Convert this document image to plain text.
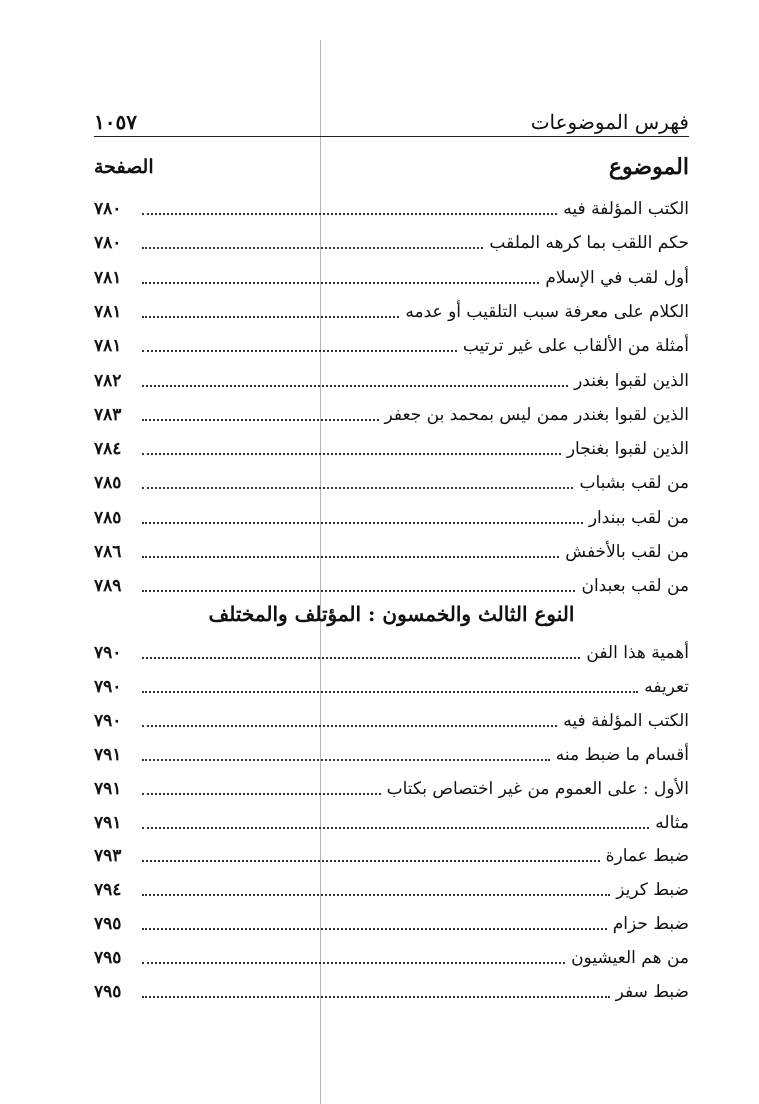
١٠٥٧	فهرس الموضوعات
الصفحة	الموضوع
الكتب المؤلفة فيه
٧٨٠
حكم اللقب بما كرهه الملقب
٧٨٠
أول لقب في الإسلام
٧٨١
الكلام على معرفة سبب التلقيب أو عدمه
٧٨١
أمثلة من الألقاب على غير ترتيب
٧٨١
الذين لقبوا بغندر
٧٨٢
الذين لقبوا بغندر ممن ليس بمحمد بن جعفر
٧٨٣
الذين لقبوا بغنجار
٧٨٤
من لقب بشباب
٧٨٥
من لقب ببندار
٧٨٥
من لقب بالأخفش
٧٨٦
من لقب بعبدان
٧٨٩
النوع الثالث والخمسون : المؤتلف والمختلف
أهمية هذا الفن
٧٩٠
تعريفه
٧٩٠
الكتب المؤلفة فيه
٧٩٠
أقسام ما ضبط منه
٧٩١
الأول : على العموم من غير اختصاص بكتاب
٧٩١
مثاله
٧٩١
ضبط عمارة
٧٩٣
ضبط كريز
٧٩٤
ضبط حزام
٧٩٥
من هم العيشيون
٧٩٥
ضبط سفر
٧٩٥
